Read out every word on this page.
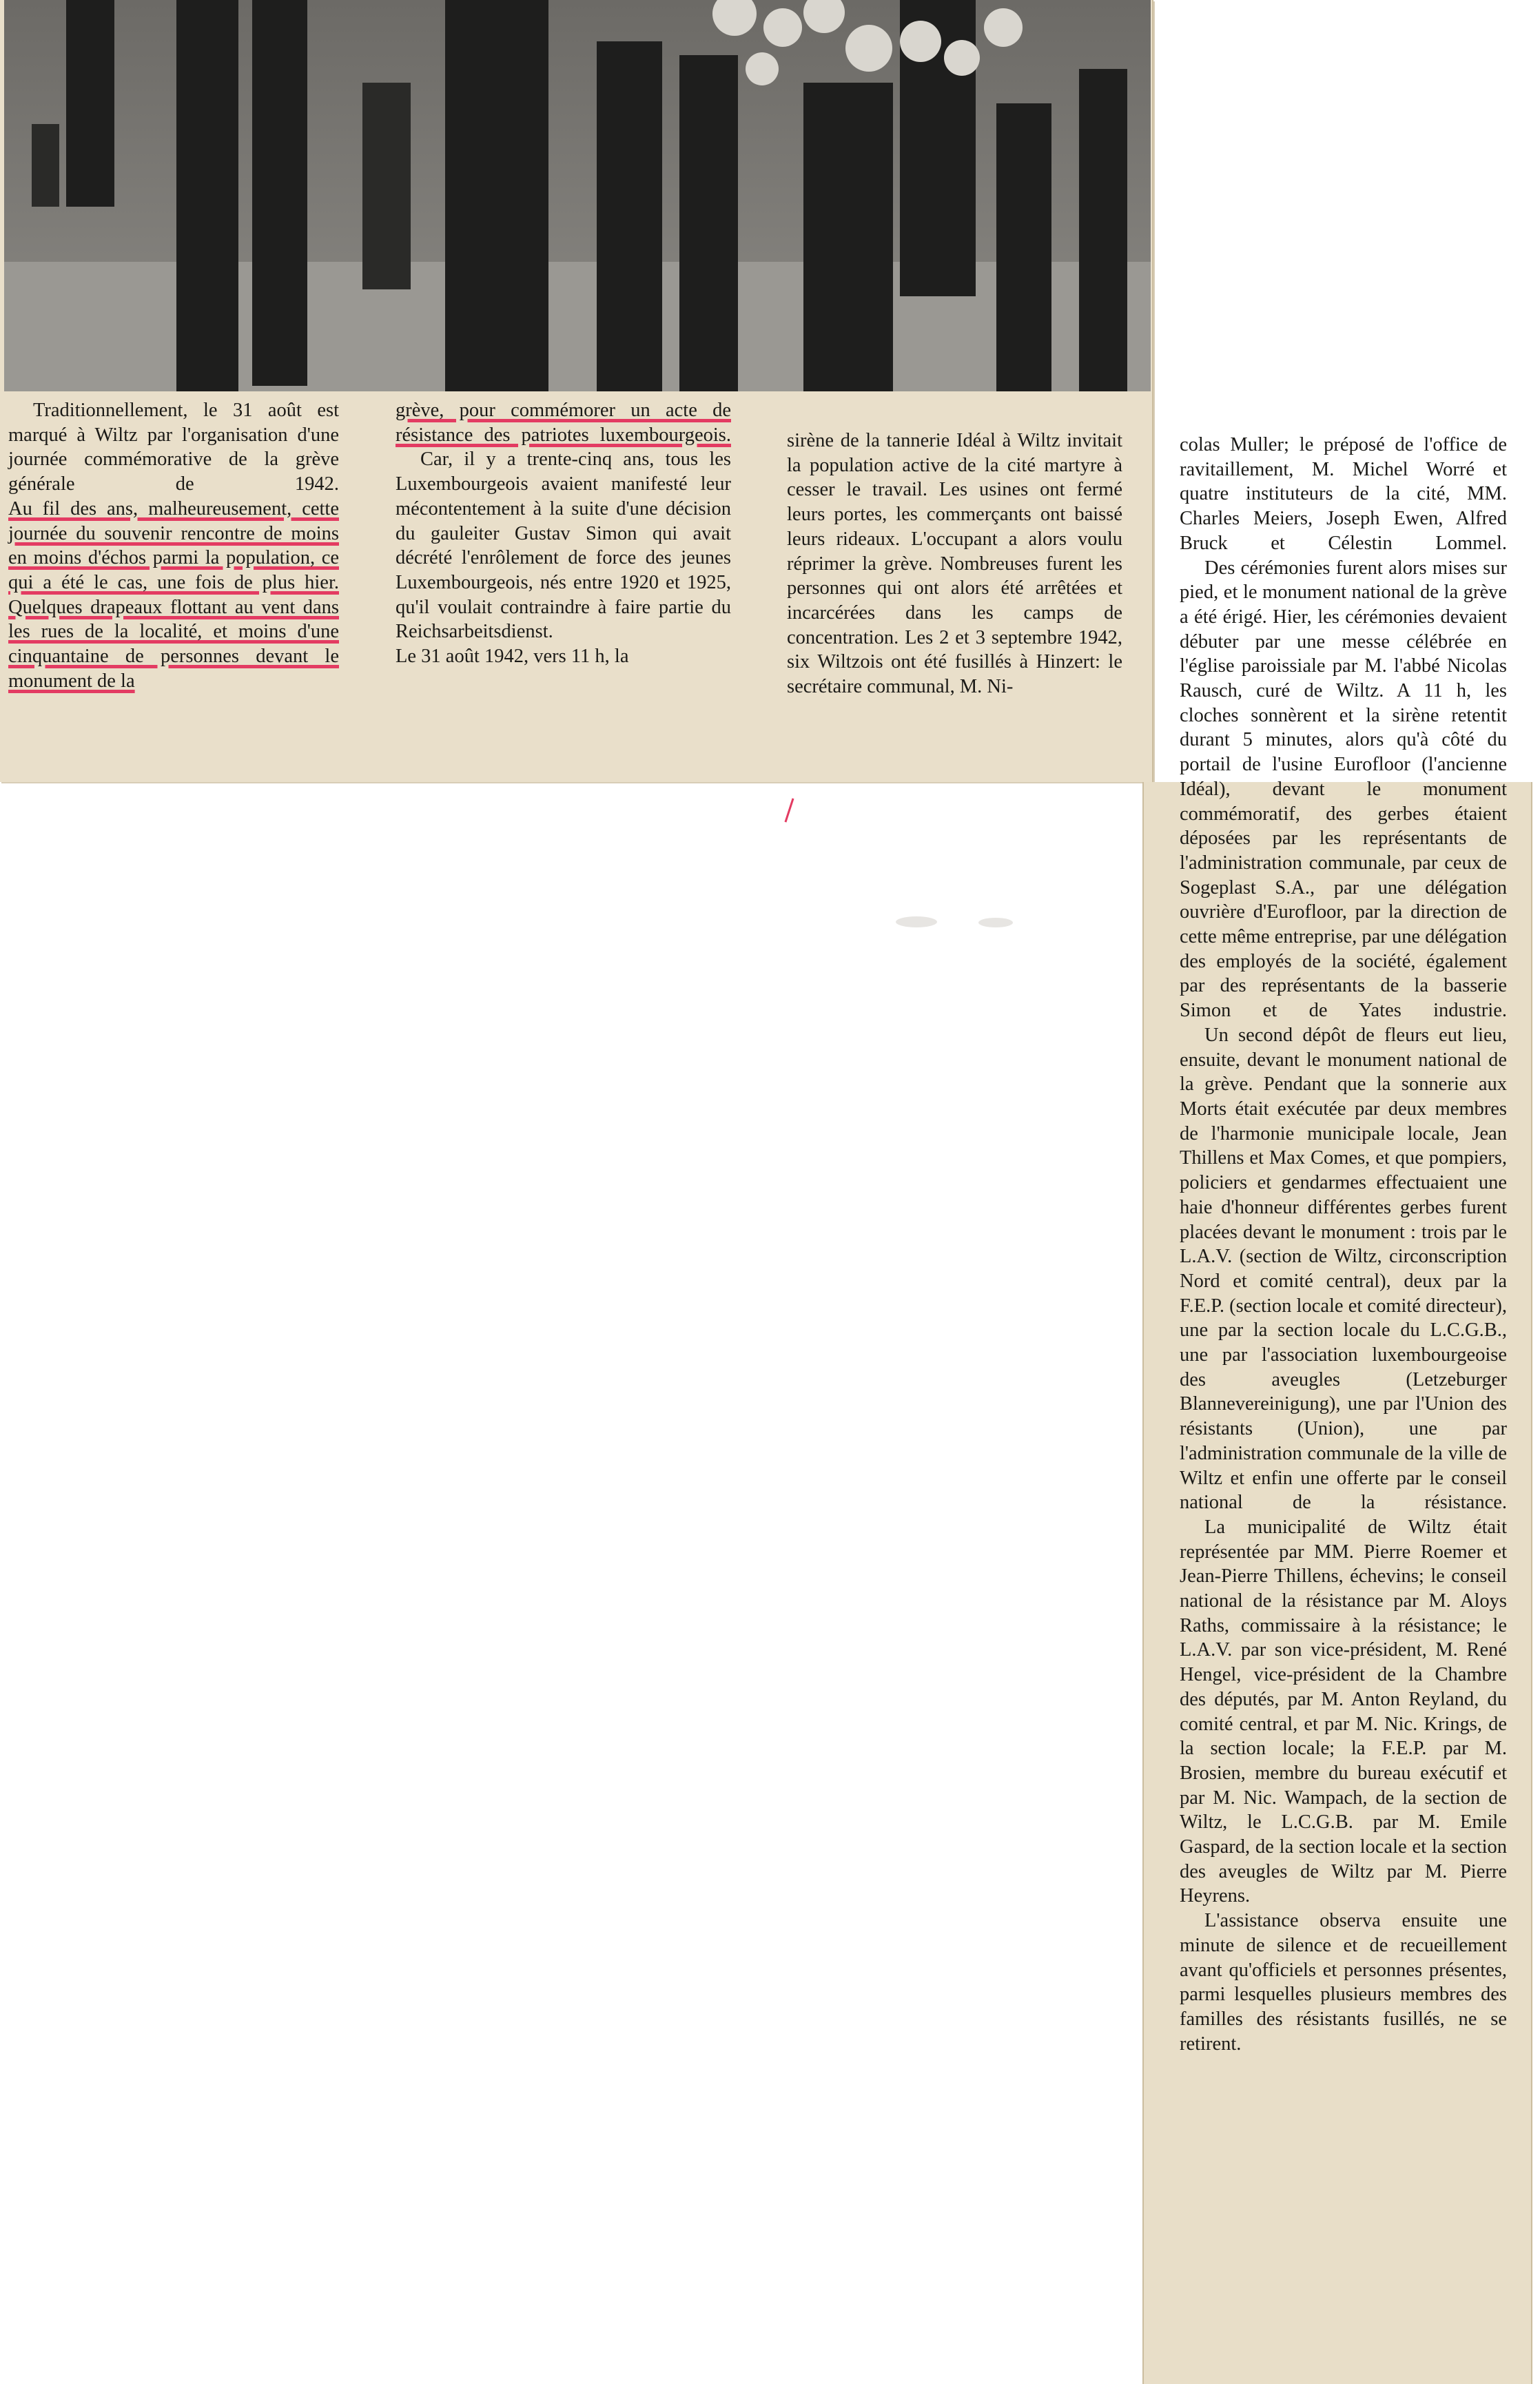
Traditionnellement, le 31 août est marqué à Wiltz par l'organisation d'une journée commémorative de la grève générale de 1942.

Au fil des ans, malheureusement, cette journée du souvenir rencontre de moins en moins d'échos parmi la population, ce qui a été le cas, une fois de plus hier. Quelques drapeaux flottant au vent dans les rues de la localité, et moins d'une cinquantaine de personnes devant le monument de la

grève, pour commémorer un acte de résistance des patriotes luxembourgeois.

Car, il y a trente-cinq ans, tous les Luxembourgeois avaient manifesté leur mécontentement à la suite d'une décision du gauleiter Gustav Simon qui avait décrété l'enrôlement de force des jeunes Luxembourgeois, nés entre 1920 et 1925, qu'il voulait contraindre à faire partie du Reichsarbeitsdienst.

Le 31 août 1942, vers 11 h, la

sirène de la tannerie Idéal à Wiltz invitait la population active de la cité martyre à cesser le travail. Les usines ont fermé leurs portes, les commerçants ont baissé leurs rideaux. L'occupant a alors voulu réprimer la grève. Nombreuses furent les personnes qui ont alors été arrêtées et incarcérées dans les camps de concentration. Les 2 et 3 septembre 1942, six Wiltzois ont été fusillés à Hinzert: le secrétaire communal, M. Ni-

colas Muller; le préposé de l'office de ravitaillement, M. Michel Worré et quatre instituteurs de la cité, MM. Charles Meiers, Joseph Ewen, Alfred Bruck et Célestin Lommel.

Des cérémonies furent alors mises sur pied, et le monument national de la grève a été érigé. Hier, les cérémonies devaient débuter par une messe célébrée en l'église paroissiale par M. l'abbé Nicolas Rausch, curé de Wiltz. A 11 h, les cloches sonnèrent et la sirène retentit durant 5 minutes, alors qu'à côté du portail de l'usine Eurofloor (l'ancienne Idéal), devant le monument commémoratif, des gerbes étaient déposées par les représentants de l'administration communale, par ceux de Sogeplast S.A., par une délégation ouvrière d'Eurofloor, par la direction de cette même entreprise, par une délégation des employés de la société, également par des représentants de la basserie Simon et de Yates industrie.

Un second dépôt de fleurs eut lieu, ensuite, devant le monument national de la grève. Pendant que la sonnerie aux Morts était exécutée par deux membres de l'harmonie municipale locale, Jean Thillens et Max Comes, et que pompiers, policiers et gendarmes effectuaient une haie d'honneur différentes gerbes furent placées devant le monument : trois par le L.A.V. (section de Wiltz, circonscription Nord et comité central), deux par la F.E.P. (section locale et comité directeur), une par la section locale du L.C.G.B., une par l'association luxembourgeoise des aveugles (Letzeburger Blannevereinigung), une par l'Union des résistants (Union), une par l'administration communale de la ville de Wiltz et enfin une offerte par le conseil national de la résistance.

La municipalité de Wiltz était représentée par MM. Pierre Roemer et Jean-Pierre Thillens, échevins; le conseil national de la résistance par M. Aloys Raths, commissaire à la résistance; le L.A.V. par son vice-président, M. René Hengel, vice-président de la Chambre des députés, par M. Anton Reyland, du comité central, et par M. Nic. Krings, de la section locale; la F.E.P. par M. Brosien, membre du bureau exécutif et par M. Nic. Wampach, de la section de Wiltz, le L.C.G.B. par M. Emile Gaspard, de la section locale et la section des aveugles de Wiltz par M. Pierre Heyrens.

L'assistance observa ensuite une minute de silence et de recueillement avant qu'officiels et personnes présentes, parmi lesquelles plusieurs membres des familles des résistants fusillés, ne se retirent.
